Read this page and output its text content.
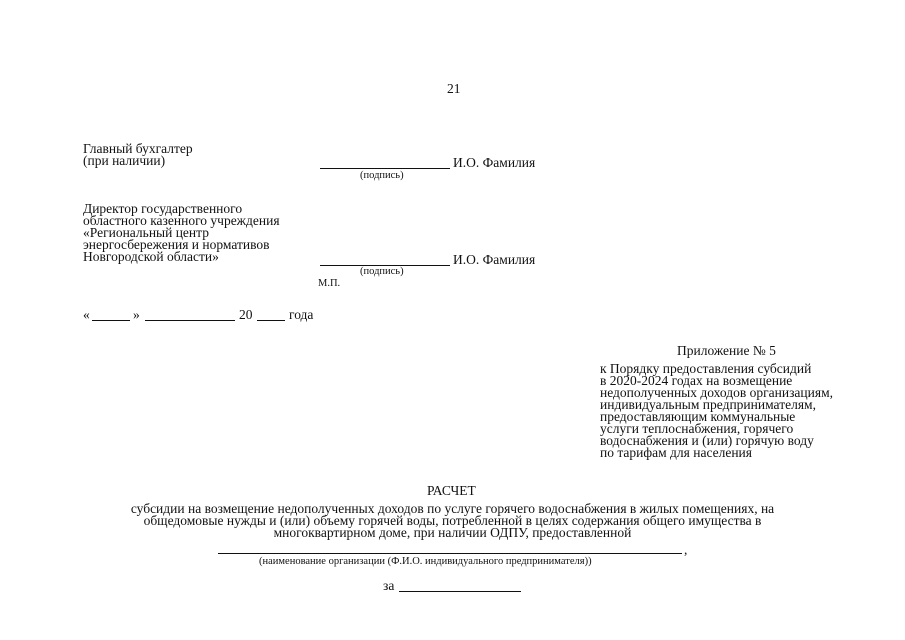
21
Главный бухгалтер
(при наличии)	И.О. Фамилия
(подпись)
Директор государственного
областного казенного учреждения
«Региональный центр
энергосбережения и нормативов
Новгородской области»	И.О. Фамилия
(подпись)
М.П.
«	»	20	года
Приложение № 5
к Порядку предоставления субсидий
в 2020-2024 годах на возмещение
недополученных доходов организациям,
индивидуальным предпринимателям,
предоставляющим коммунальные
услуги теплоснабжения, горячего
водоснабжения и (или) горячую воду
по тарифам для населения
РАСЧЕТ
субсидии на возмещение недополученных доходов по услуге горячего водоснабжения в жилых помещениях, на
общедомовые нужды и (или) объему горячей воды, потребленной в целях содержания общего имущества в
многоквартирном доме, при наличии ОДПУ, предоставленной
,
(наименование организации (Ф.И.О. индивидуального предпринимателя))
за
